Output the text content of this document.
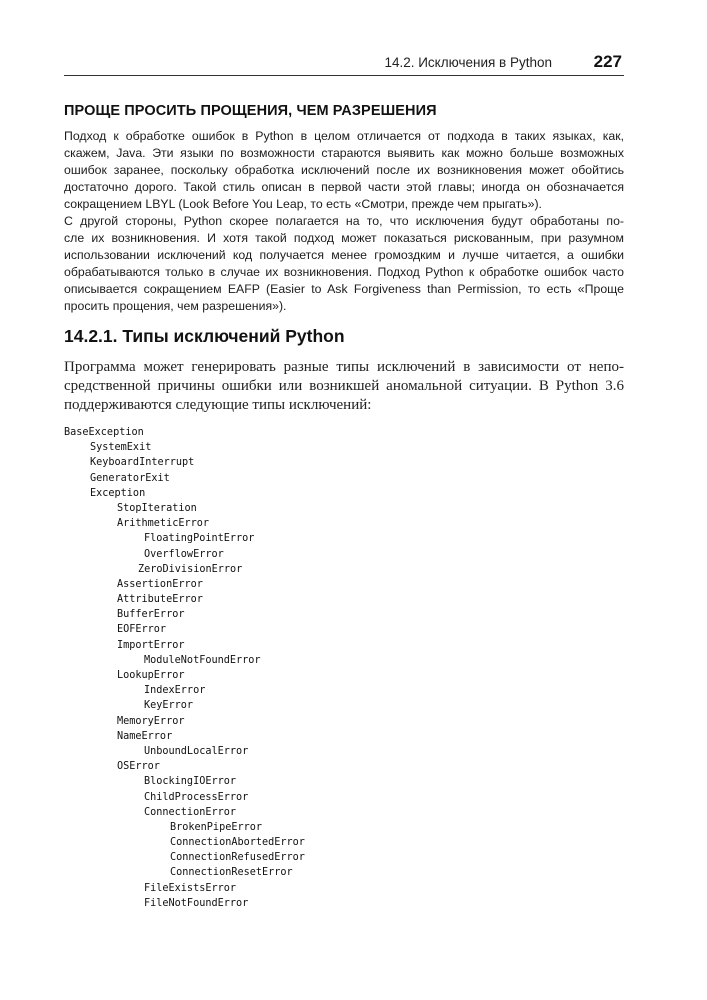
14.2. Исключения в Python 227
ПРОЩЕ ПРОСИТЬ ПРОЩЕНИЯ, ЧЕМ РАЗРЕШЕНИЯ

Подход к обработке ошибок в Python в целом отличается от подхода в таких языках, как,
скажем, Java. Эти языки по возможности стараются выявить как можно больше возможных
ошибок заранее, поскольку обработка исключений после их возникновения может обойтись
достаточно дорого. Такой стиль описан в первой части этой главы; иногда он обозначается
сокращением LBYL (Look Before You Leap, то есть «Смотри, прежде чем прыгать»).

С другой стороны, Python скорее полагается на то, что исключения будут обработаны по-
сле их возникновения. И хотя такой подход может показаться рискованным, при разумном
использовании исключений код получается менее громоздким и лучше читается, а ошибки
обрабатываются только в случае их возникновения. Подход Python к обработке ошибок часто
описывается сокращением EAFP (Easier to Ask Forgiveness than Permission, то есть «Проще
просить прощения, чем разрешения»).

14.2.1. Типы исключений Python

Программа может генерировать разные типы исключений в зависимости от непо-
средственной причины ошибки или возникшей аномальной ситуации. В Python 3.6
поддерживаются следующие типы исключений:

BaseException
SystemExit
KeyboardInterrupt
GeneratorExit
Exception
StopIteration
ArithmeticError
FloatingPointError
OverflowError
ZeroDivisionError
AssertionError
AttributeError
BufferError
EOFError
ImportError
ModuleNotFoundError
LookupError
IndexError
KeyError
MemoryError
NameError
UnboundLocalError
OSError
BlockingIOError
ChildProcessError
ConnectionError
BrokenPipeError
ConnectionAbortedError
ConnectionRefusedError
ConnectionResetError
FileExistsError
FileNotFoundError
